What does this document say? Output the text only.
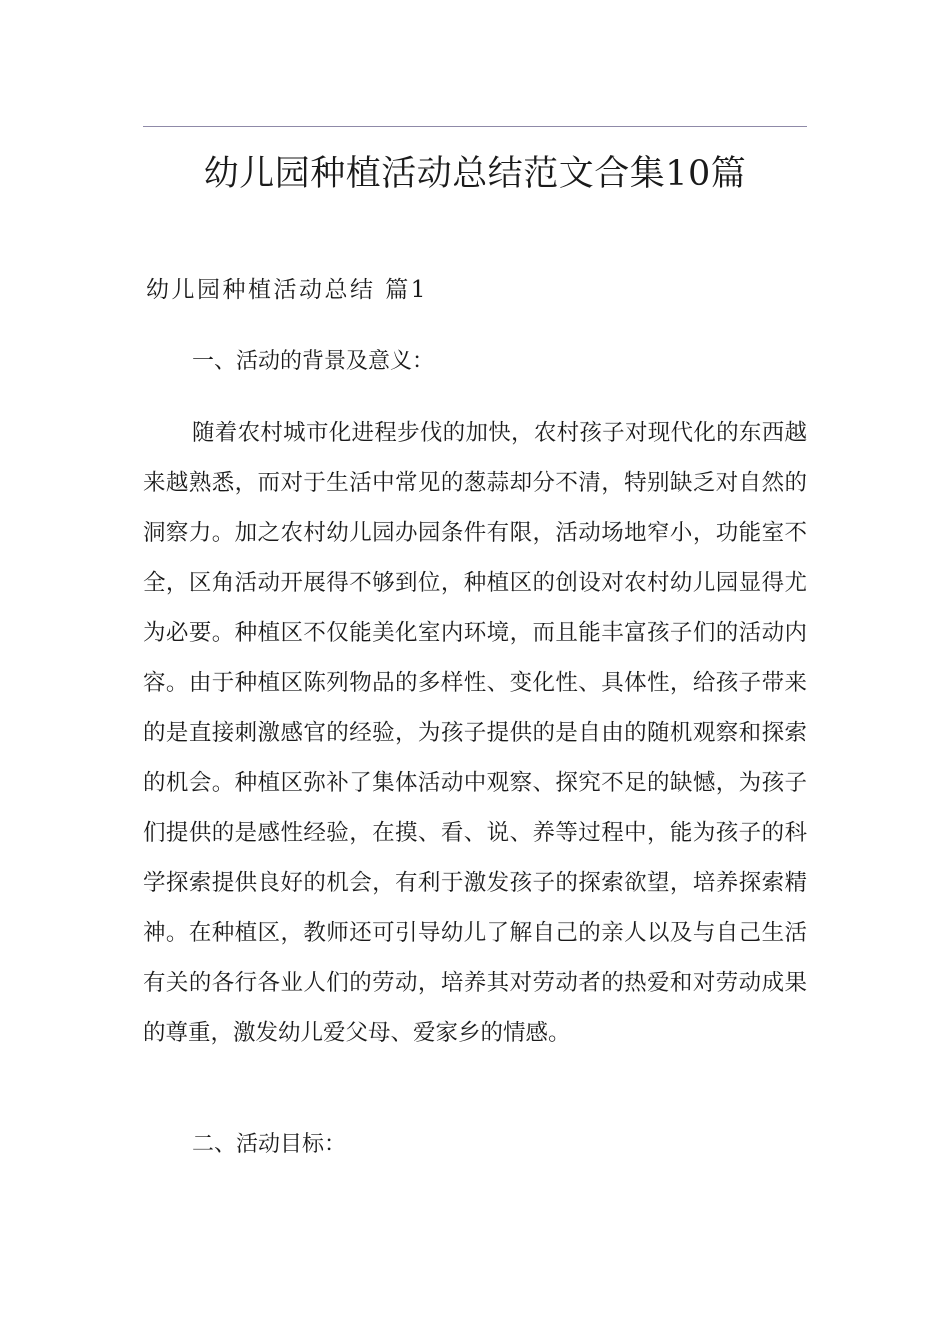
幼儿园种植活动总结范文合集10篇
幼儿园种植活动总结 篇1

一、活动的背景及意义：

随着农村城市化进程步伐的加快，农村孩子对现代化的东西越来越熟悉，而对于生活中常见的葱蒜却分不清，特别缺乏对自然的洞察力。加之农村幼儿园办园条件有限，活动场地窄小，功能室不全，区角活动开展得不够到位，种植区的创设对农村幼儿园显得尤为必要。种植区不仅能美化室内环境，而且能丰富孩子们的活动内容。由于种植区陈列物品的多样性、变化性、具体性，给孩子带来的是直接刺激感官的经验，为孩子提供的是自由的随机观察和探索的机会。种植区弥补了集体活动中观察、探究不足的缺憾，为孩子们提供的是感性经验，在摸、看、说、养等过程中，能为孩子的科学探索提供良好的机会，有利于激发孩子的探索欲望，培养探索精神。在种植区，教师还可引导幼儿了解自己的亲人以及与自己生活有关的各行各业人们的劳动，培养其对劳动者的热爱和对劳动成果的尊重，激发幼儿爱父母、爱家乡的情感。

二、活动目标：
